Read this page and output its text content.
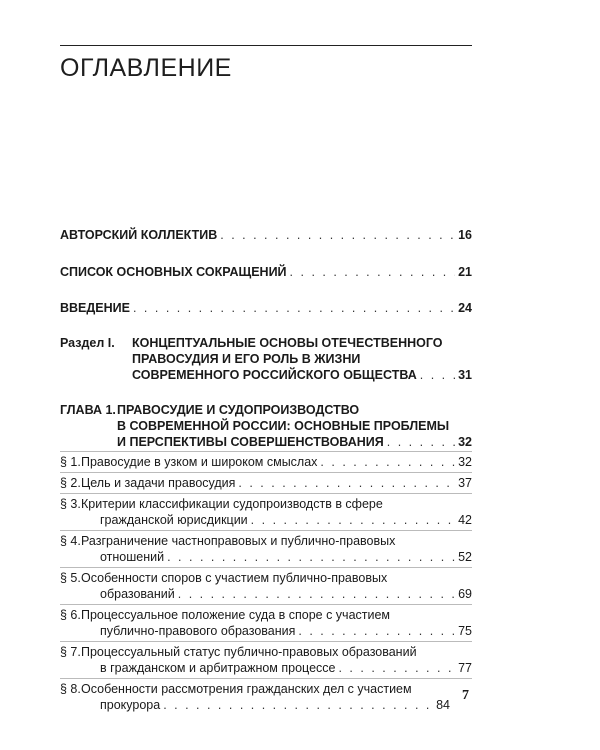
ОГЛАВЛЕНИЕ
АВТОРСКИЙ КОЛЛЕКТИВ . . .	16
СПИСОК ОСНОВНЫХ СОКРАЩЕНИЙ . . .	21
ВВЕДЕНИЕ . . .	24
Раздел I. КОНЦЕПТУАЛЬНЫЕ ОСНОВЫ ОТЕЧЕСТВЕННОГО
ПРАВОСУДИЯ И ЕГО РОЛЬ В ЖИЗНИ
СОВРЕМЕННОГО РОССИЙСКОГО ОБЩЕСТВА . . .	31
ГЛАВА 1. ПРАВОСУДИЕ И СУДОПРОИЗВОДСТВО
В СОВРЕМЕННОЙ РОССИИ: ОСНОВНЫЕ ПРОБЛЕМЫ
И ПЕРСПЕКТИВЫ СОВЕРШЕНСТВОВАНИЯ . . .	32
§ 1. Правосудие в узком и широком смыслах . . .	32
§ 2. Цель и задачи правосудия . . .	37
§ 3. Критерии классификации судопроизводств в сфере
гражданской юрисдикции . . .	42
§ 4. Разграничение частноправовых и публично-правовых
отношений . . .	52
§ 5. Особенности споров с участием публично-правовых
образований . . .	69
§ 6. Процессуальное положение суда в споре с участием
публично-правового образования . . .	75
§ 7. Процессуальный статус публично-правовых образований
в гражданском и арбитражном процессе . . .	77
§ 8. Особенности рассмотрения гражданских дел с участием
прокурора . . .	84
7
